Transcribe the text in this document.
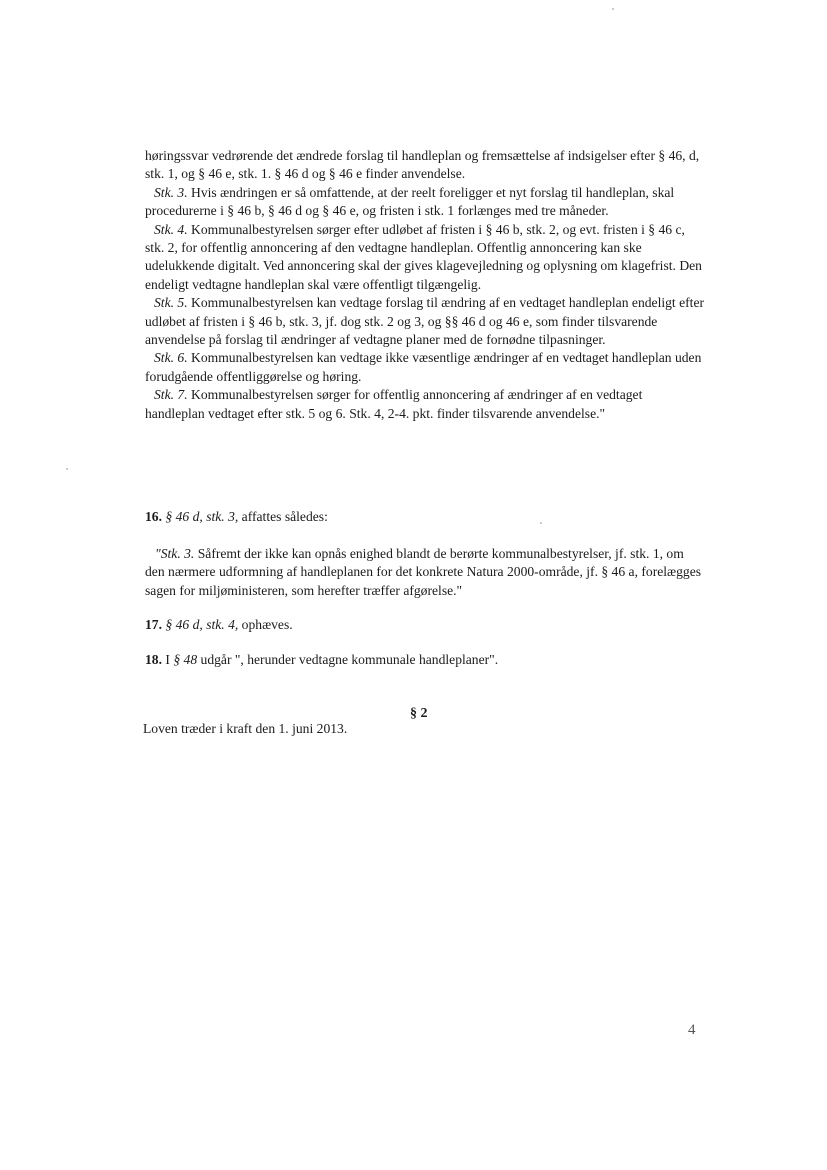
høringssvar vedrørende det ændrede forslag til handleplan og fremsættelse af indsigelser efter § 46, d, stk. 1, og § 46 e, stk. 1. § 46 d og § 46 e finder anvendelse.

Stk. 3. Hvis ændringen er så omfattende, at der reelt foreligger et nyt forslag til handleplan, skal procedurerne i § 46 b, § 46 d og § 46 e, og fristen i stk. 1 forlænges med tre måneder.

Stk. 4. Kommunalbestyrelsen sørger efter udløbet af fristen i § 46 b, stk. 2, og evt. fristen i § 46 c, stk. 2, for offentlig annoncering af den vedtagne handleplan. Offentlig annoncering kan ske udelukkende digitalt. Ved annoncering skal der gives klagevejledning og oplysning om klagefrist. Den endeligt vedtagne handleplan skal være offentligt tilgængelig.

Stk. 5. Kommunalbestyrelsen kan vedtage forslag til ændring af en vedtaget handleplan endeligt efter udløbet af fristen i § 46 b, stk. 3, jf. dog stk. 2 og 3, og §§ 46 d og 46 e, som finder tilsvarende anvendelse på forslag til ændringer af vedtagne planer med de fornødne tilpasninger.

Stk. 6. Kommunalbestyrelsen kan vedtage ikke væsentlige ændringer af en vedtaget handleplan uden forudgående offentliggørelse og høring.

Stk. 7. Kommunalbestyrelsen sørger for offentlig annoncering af ændringer af en vedtaget handleplan vedtaget efter stk. 5 og 6. Stk. 4, 2-4. pkt. finder tilsvarende anvendelse."

16. § 46 d, stk. 3, affattes således:
"Stk. 3. Såfremt der ikke kan opnås enighed blandt de berørte kommunalbestyrelser, jf. stk. 1, om den nærmere udformning af handleplanen for det konkrete Natura 2000-område, jf. § 46 a, forelægges sagen for miljøministeren, som herefter træffer afgørelse."
17. § 46 d, stk. 4, ophæves.
18. I § 48 udgår ", herunder vedtagne kommunale handleplaner".
§ 2
Loven træder i kraft den 1. juni 2013.
4
